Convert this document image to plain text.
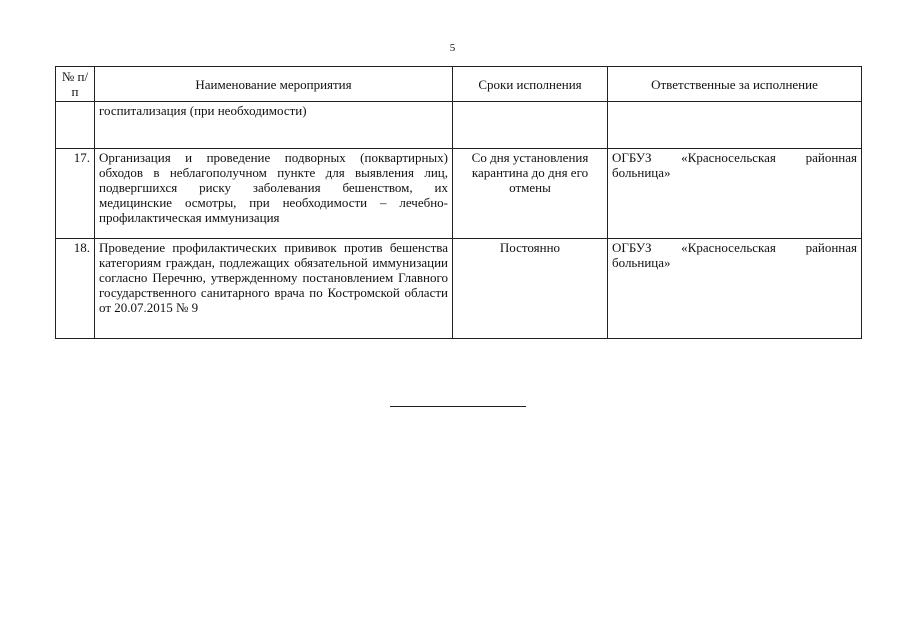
5
№ п/п	Наименование мероприятия	Сроки исполнения	Ответственные за исполнение
	госпитализация (при необходимости)		
17.	Организация и проведение подворных (поквартирных) обходов в неблагополучном пункте для выявления лиц, подвергшихся риску заболевания бешенством, их медицинские осмотры, при необходимости – лечебно-профилактическая иммунизация	Со дня установления карантина до дня его отмены	ОГБУЗ «Красносельская районная больница»
18.	Проведение профилактических прививок против бешенства категориям граждан, подлежащих обязательной иммунизации согласно Перечню, утвержденному постановлением Главного государственного санитарного врача по Костромской области от 20.07.2015 № 9	Постоянно	ОГБУЗ «Красносельская районная больница»
